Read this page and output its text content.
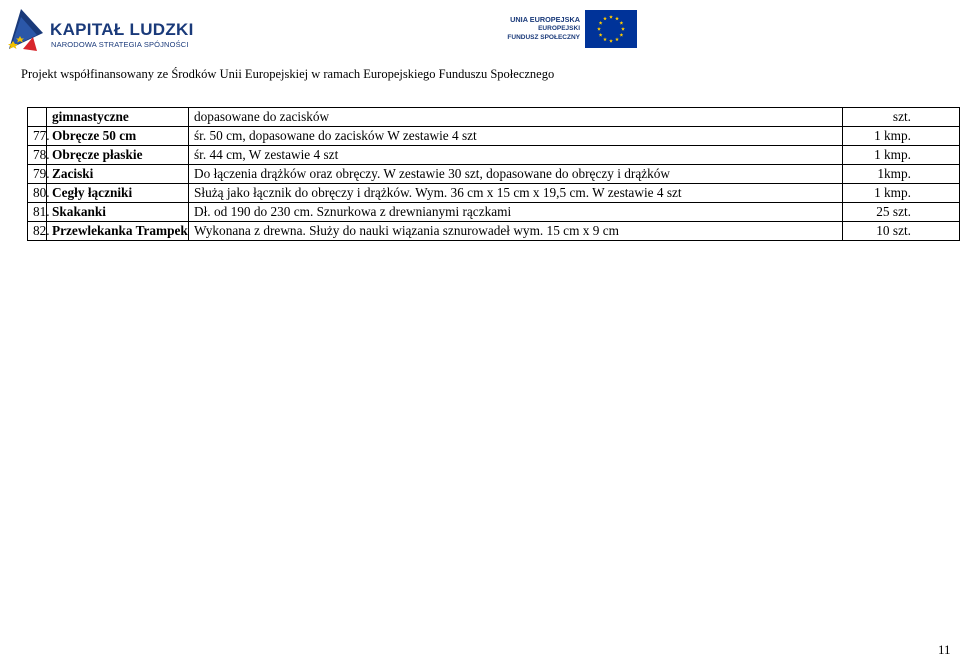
KAPITAŁ LUDZKI
NARODOWA STRATEGIA SPÓJNOŚCI
UNIA EUROPEJSKA
EUROPEJSKI
FUNDUSZ SPOŁECZNY
Projekt współfinansowany ze Środków Unii Europejskiej w ramach Europejskiego Funduszu Społecznego
	gimnastyczne	dopasowane do zacisków	szt.
77.	Obręcze 50 cm	śr. 50 cm, dopasowane do zacisków W zestawie 4 szt	1 kmp.
78.	Obręcze płaskie	śr. 44 cm, W zestawie 4 szt	1 kmp.
79.	Zaciski	Do łączenia drążków oraz obręczy. W zestawie 30 szt, dopasowane do obręczy i drążków	1kmp.
80.	Cegły łączniki	Służą jako łącznik do obręczy i drążków. Wym. 36 cm x 15 cm x 19,5 cm. W zestawie 4 szt	1 kmp.
81.	Skakanki	Dł. od 190 do 230 cm. Sznurkowa z drewnianymi rączkami	25 szt.
82.	Przewlekanka Trampek	Wykonana z drewna. Służy do nauki wiązania sznurowadeł wym. 15 cm x 9 cm	10 szt.
11
